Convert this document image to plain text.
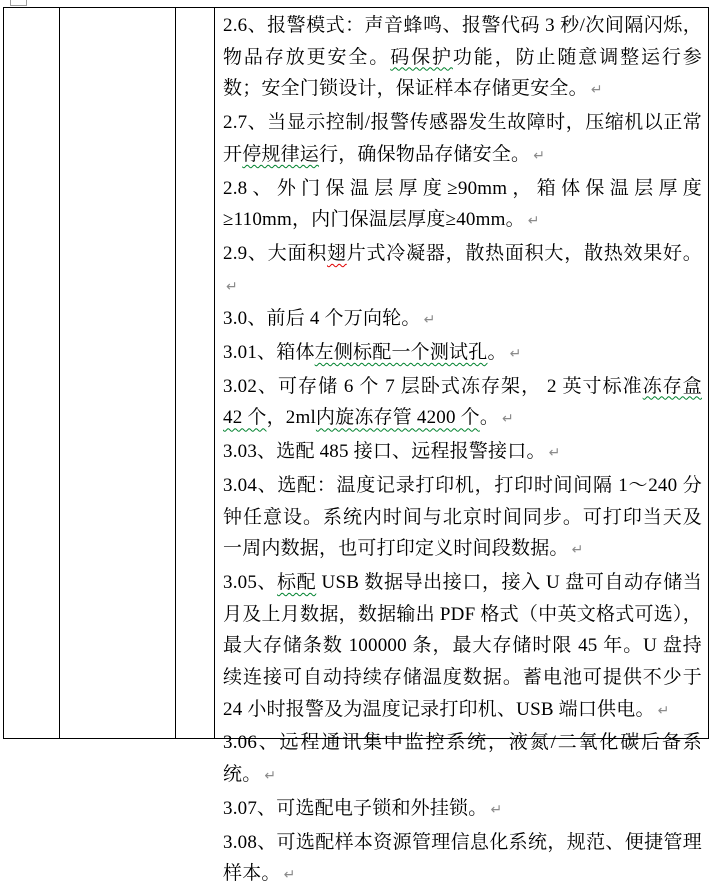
2.6、报警模式：声音蜂鸣、报警代码 3 秒/次间隔闪烁，物品存放更安全。码保护功能，防止随意调整运行参数；安全门锁设计，保证样本存储更安全。 ↵
2.7、当显示控制/报警传感器发生故障时，压缩机以正常开停规律运行，确保物品存储安全。 ↵
2.8、外门保温层厚度≥90mm，箱体保温层厚度≥110mm，内门保温层厚度≥40mm。 ↵
2.9、大面积翅片式冷凝器，散热面积大，散热效果好。↵
3.0、前后 4 个万向轮。 ↵
3.01、箱体左侧标配一个测试孔。 ↵
3.02、可存储 6 个 7 层卧式冻存架， 2 英寸标准冻存盒 42 个，2ml内旋冻存管 4200 个。 ↵
3.03、选配 485 接口、远程报警接口。 ↵
3.04、选配：温度记录打印机，打印时间间隔 1～240 分钟任意设。系统内时间与北京时间同步。可打印当天及一周内数据，也可打印定义时间段数据。 ↵
3.05、标配 USB 数据导出接口，接入 U 盘可自动存储当月及上月数据，数据输出 PDF 格式（中英文格式可选），最大存储条数 100000 条，最大存储时限 45 年。U 盘持续连接可自动持续存储温度数据。蓄电池可提供不少于 24 小时报警及为温度记录打印机、USB 端口供电。 ↵
3.06、远程通讯集中监控系统，液氮/二氧化碳后备系统。 ↵
3.07、可选配电子锁和外挂锁。 ↵
3.08、可选配样本资源管理信息化系统，规范、便捷管理样本。 ↵
